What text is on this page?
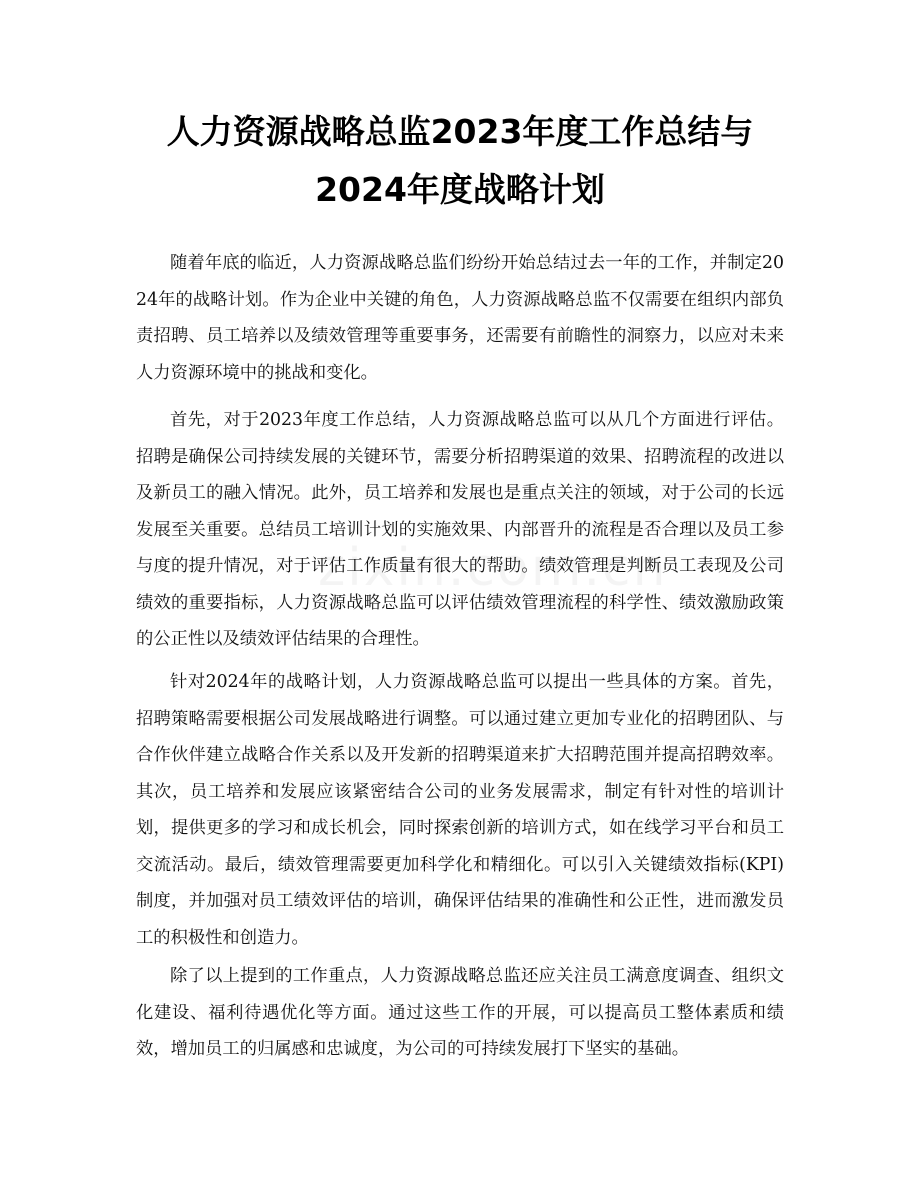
人力资源战略总监2023年度工作总结与
2024年度战略计划

随着年底的临近，人力资源战略总监们纷纷开始总结过去一年的工作，并制定2024年的战略计划。作为企业中关键的角色，人力资源战略总监不仅需要在组织内部负责招聘、员工培养以及绩效管理等重要事务，还需要有前瞻性的洞察力，以应对未来人力资源环境中的挑战和变化。

首先，对于2023年度工作总结，人力资源战略总监可以从几个方面进行评估。招聘是确保公司持续发展的关键环节，需要分析招聘渠道的效果、招聘流程的改进以及新员工的融入情况。此外，员工培养和发展也是重点关注的领域，对于公司的长远发展至关重要。总结员工培训计划的实施效果、内部晋升的流程是否合理以及员工参与度的提升情况，对于评估工作质量有很大的帮助。绩效管理是判断员工表现及公司绩效的重要指标，人力资源战略总监可以评估绩效管理流程的科学性、绩效激励政策的公正性以及绩效评估结果的合理性。

针对2024年的战略计划，人力资源战略总监可以提出一些具体的方案。首先，招聘策略需要根据公司发展战略进行调整。可以通过建立更加专业化的招聘团队、与合作伙伴建立战略合作关系以及开发新的招聘渠道来扩大招聘范围并提高招聘效率。其次，员工培养和发展应该紧密结合公司的业务发展需求，制定有针对性的培训计划，提供更多的学习和成长机会，同时探索创新的培训方式，如在线学习平台和员工交流活动。最后，绩效管理需要更加科学化和精细化。可以引入关键绩效指标(KPI)制度，并加强对员工绩效评估的培训，确保评估结果的准确性和公正性，进而激发员工的积极性和创造力。

除了以上提到的工作重点，人力资源战略总监还应关注员工满意度调查、组织文化建设、福利待遇优化等方面。通过这些工作的开展，可以提高员工整体素质和绩效，增加员工的归属感和忠诚度，为公司的可持续发展打下坚实的基础。
